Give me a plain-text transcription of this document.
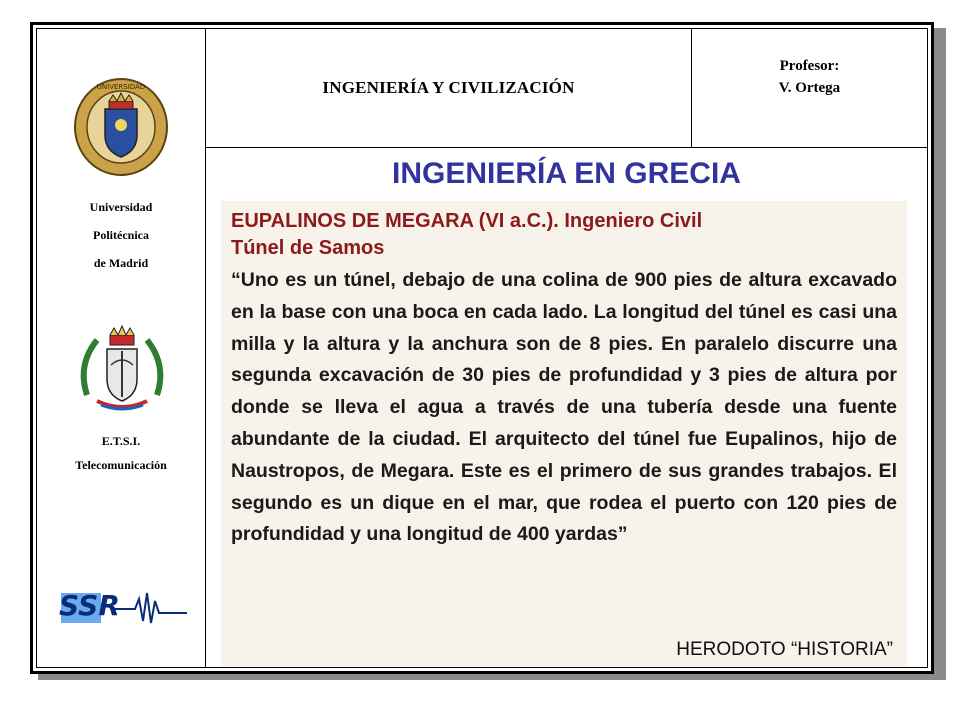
INGENIERÍA Y CIVILIZACIÓN
Profesor:
V. Ortega
UNIVERSIDAD
Universidad
Politécnica
de Madrid
E.T.S.I.
Telecomunicación
SSR
INGENIERÍA EN GRECIA
EUPALINOS DE MEGARA (VI a.C.). Ingeniero Civil
Túnel de Samos
“Uno es un túnel, debajo de una colina de 900 pies de altura excavado en la base con una boca en cada lado. La longitud del túnel es casi una milla y la altura y la anchura son de 8 pies. En paralelo discurre una segunda excavación de 30 pies de profundidad y 3 pies de altura por donde se lleva el agua a través de una tubería desde una fuente abundante de la ciudad. El arquitecto del túnel fue Eupalinos, hijo de Naustropos, de Megara. Este es el primero de sus grandes trabajos. El segundo es un dique en el mar, que rodea el puerto con 120 pies de profundidad y una longitud de 400 yardas”
HERODOTO “HISTORIA”
